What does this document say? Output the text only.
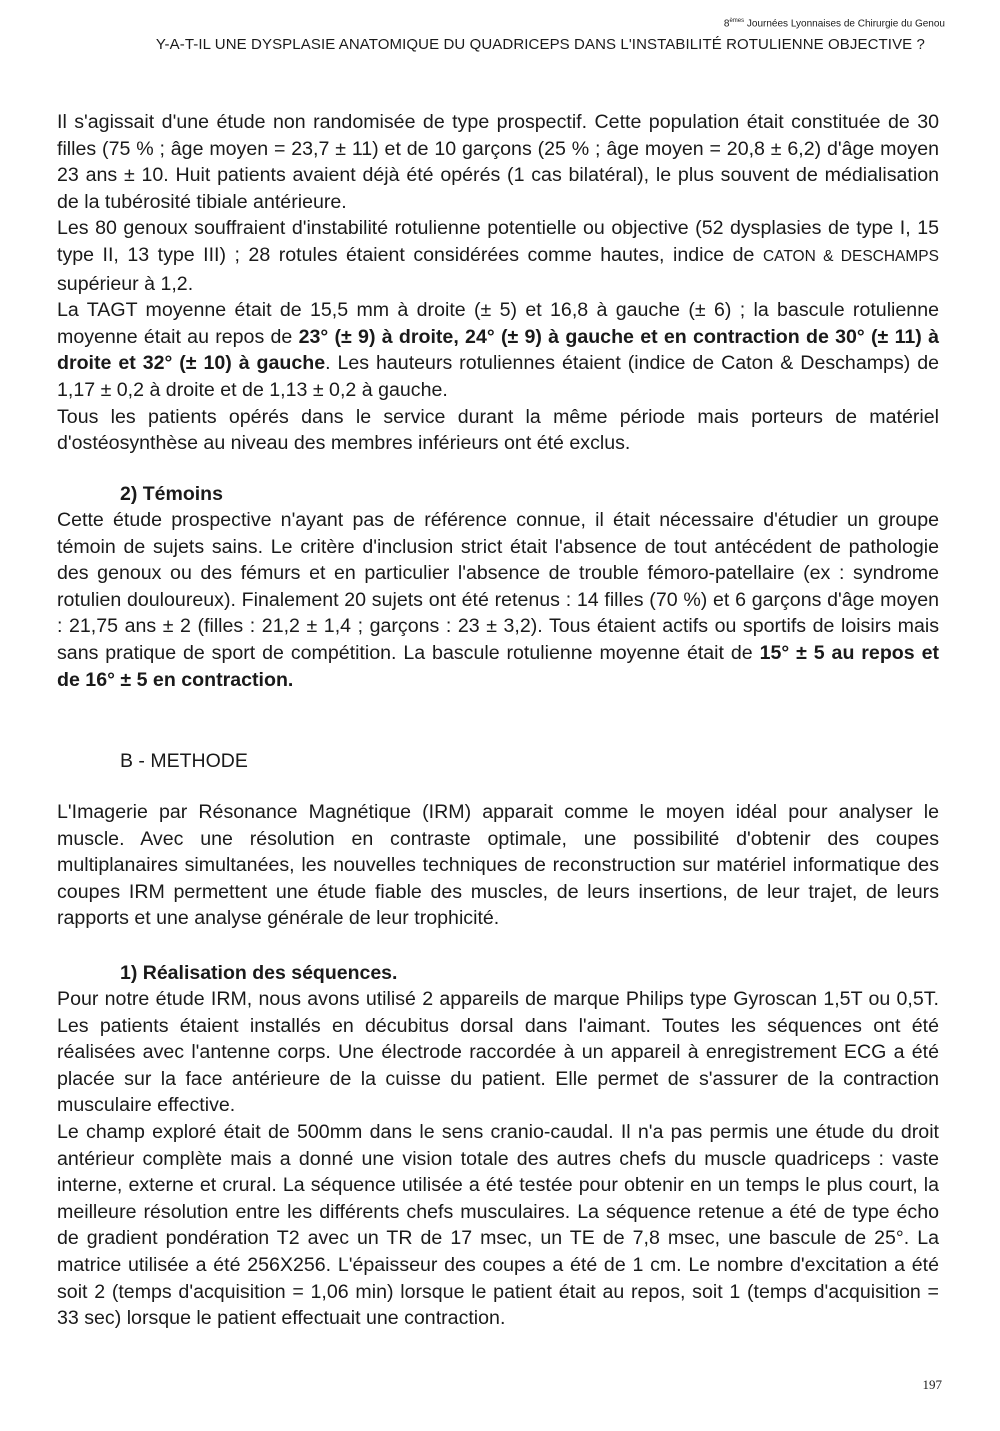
8èmes Journées Lyonnaises de Chirurgie du Genou
Y-A-T-IL UNE DYSPLASIE ANATOMIQUE DU QUADRICEPS DANS L'INSTABILITÉ ROTULIENNE OBJECTIVE ?

Il s'agissait d'une étude non randomisée de type prospectif. Cette population était constituée de 30 filles (75 % ; âge moyen = 23,7 ± 11) et de 10 garçons (25 % ; âge moyen = 20,8 ± 6,2) d'âge moyen 23 ans ± 10. Huit patients avaient déjà été opérés (1 cas bilatéral), le plus souvent de médialisation de la tubérosité tibiale antérieure.

Les 80 genoux souffraient d'instabilité rotulienne potentielle ou objective (52 dysplasies de type I, 15 type II, 13 type III) ; 28 rotules étaient considérées comme hautes, indice de CATON & DESCHAMPS supérieur à 1,2.

La TAGT moyenne était de 15,5 mm à droite (± 5) et 16,8 à gauche (± 6) ; la bascule rotulienne moyenne était au repos de 23° (± 9) à droite, 24° (± 9) à gauche et en contraction de 30° (± 11) à droite et 32° (± 10) à gauche. Les hauteurs rotuliennes étaient (indice de Caton & Deschamps) de 1,17 ± 0,2 à droite et de 1,13 ± 0,2 à gauche.

Tous les patients opérés dans le service durant la même période mais porteurs de matériel d'ostéosynthèse au niveau des membres inférieurs ont été exclus.

2) Témoins

Cette étude prospective n'ayant pas de référence connue, il était nécessaire d'étudier un groupe témoin de sujets sains. Le critère d'inclusion strict était l'absence de tout antécédent de pathologie des genoux ou des fémurs et en particulier l'absence de trouble fémoro-patellaire (ex : syndrome rotulien douloureux). Finalement 20 sujets ont été retenus : 14 filles (70 %) et 6 garçons d'âge moyen : 21,75 ans ± 2 (filles : 21,2 ± 1,4 ; garçons : 23 ± 3,2). Tous étaient actifs ou sportifs de loisirs mais sans pratique de sport de compétition. La bascule rotulienne moyenne était de 15° ± 5 au repos et de 16° ± 5 en contraction.

B - METHODE

L'Imagerie par Résonance Magnétique (IRM) apparait comme le moyen idéal pour analyser le muscle. Avec une résolution en contraste optimale, une possibilité d'obtenir des coupes multiplanaires simultanées, les nouvelles techniques de reconstruction sur matériel informatique des coupes IRM permettent une étude fiable des muscles, de leurs insertions, de leur trajet, de leurs rapports et une analyse générale de leur trophicité.

1) Réalisation des séquences.

Pour notre étude IRM, nous avons utilisé 2 appareils de marque Philips type Gyroscan 1,5T ou 0,5T. Les patients étaient installés en décubitus dorsal dans l'aimant. Toutes les séquences ont été réalisées avec l'antenne corps. Une électrode raccordée à un appareil à enregistrement ECG a été placée sur la face antérieure de la cuisse du patient. Elle permet de s'assurer de la contraction musculaire effective.

Le champ exploré était de 500mm dans le sens cranio-caudal. Il n'a pas permis une étude du droit antérieur complète mais a donné une vision totale des autres chefs du muscle quadriceps : vaste interne, externe et crural. La séquence utilisée a été testée pour obtenir en un temps le plus court, la meilleure résolution entre les différents chefs musculaires. La séquence retenue a été de type écho de gradient pondération T2 avec un TR de 17 msec, un TE de 7,8 msec, une bascule de 25°. La matrice utilisée a été 256X256. L'épaisseur des coupes a été de 1 cm. Le nombre d'excitation a été soit 2 (temps d'acquisition = 1,06 min) lorsque le patient était au repos, soit 1 (temps d'acquisition = 33 sec) lorsque le patient effectuait une contraction.

197
